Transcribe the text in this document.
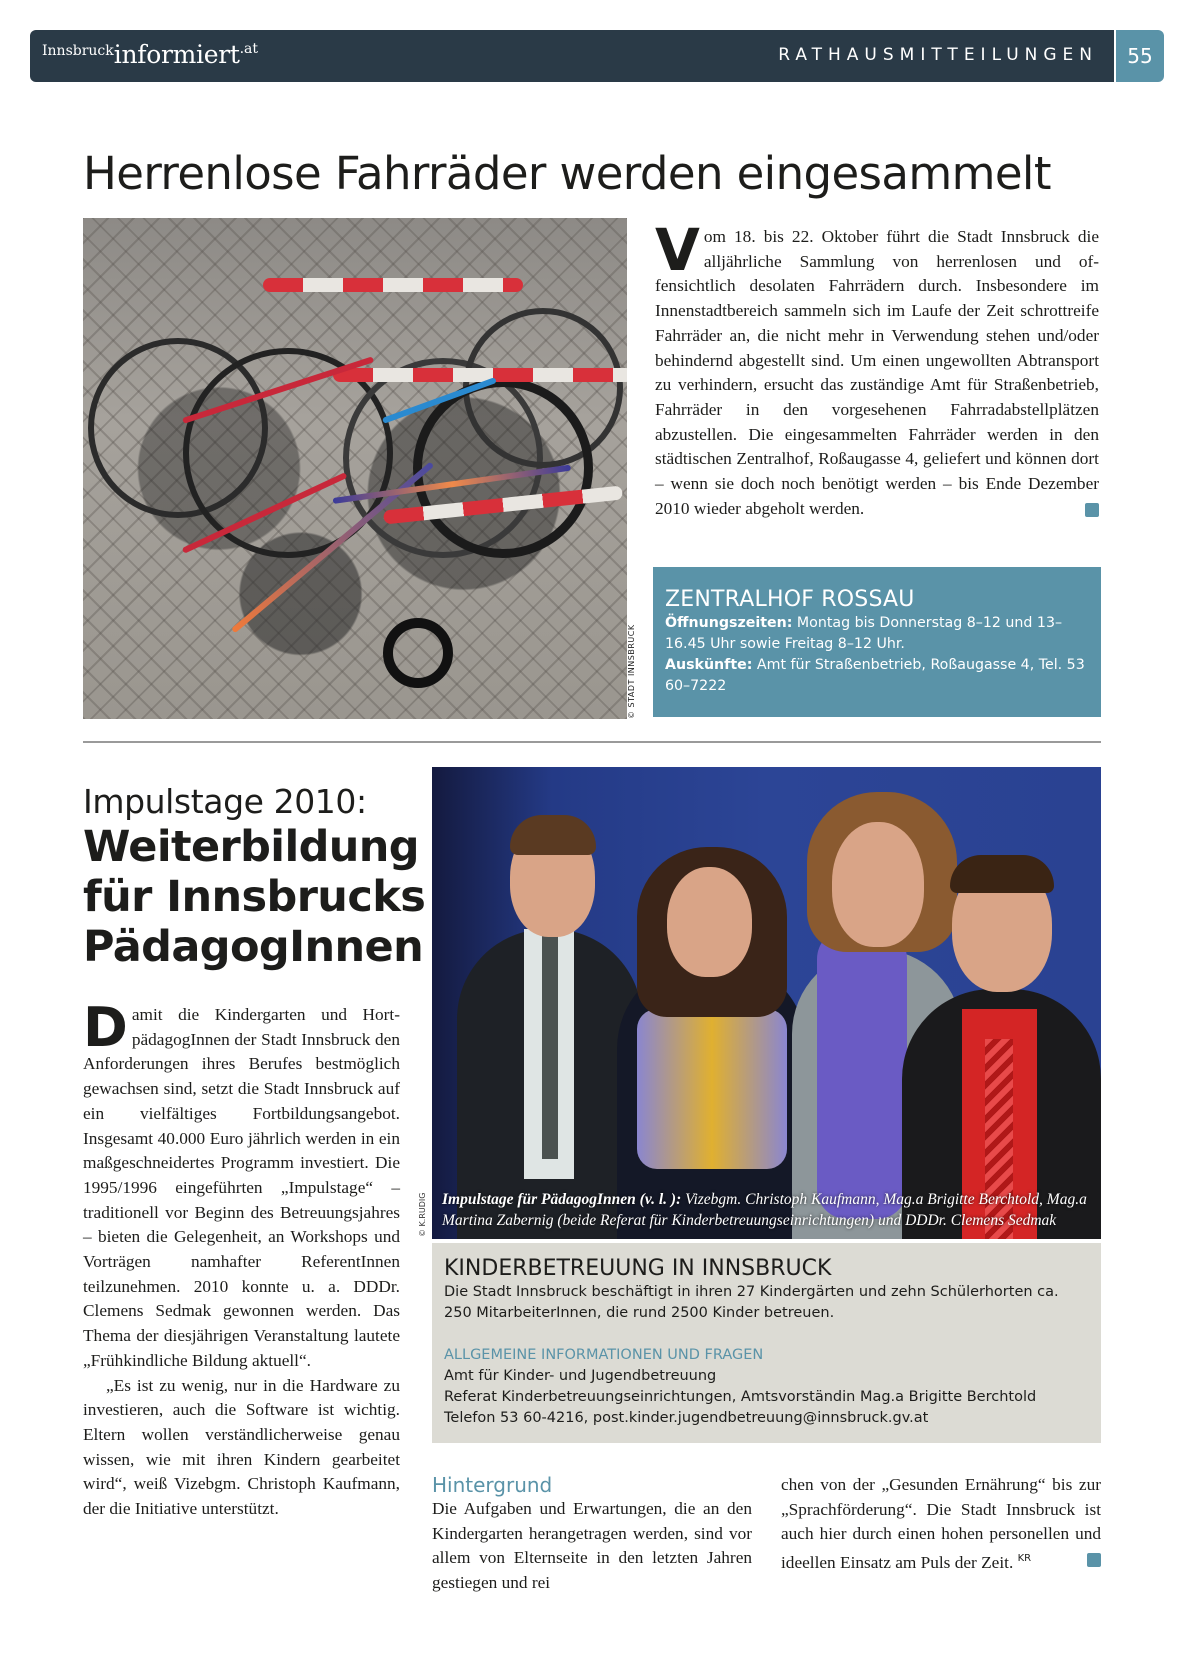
Innsbruckinformiert.at	RATHAUSMITTEILUNGEN	55
Herrenlose Fahrräder werden eingesammelt
© STADT INNSBRUCK
Vom 18. bis 22. Oktober führt die Stadt Innsbruck die alljährliche Sammlung von herrenlosen und offensichtlich desolaten Fahrrädern durch. Insbesondere im Innenstadtbereich sammeln sich im Laufe der Zeit schrottreife Fahrräder an, die nicht mehr in Verwendung stehen und/oder behindernd abgestellt sind. Um einen ungewollten Abtransport zu verhindern, ersucht das zuständige Amt für Straßenbetrieb, Fahrräder in den vorgesehenen Fahrradabstellplätzen abzustellen. Die eingesammelten Fahrräder werden in den städtischen Zentralhof, Roßaugasse 4, geliefert und können dort – wenn sie doch noch benötigt werden – bis Ende Dezember 2010 wieder abgeholt werden.
ZENTRALHOF ROSSAU
Öffnungszeiten: Montag bis Donnerstag 8–12 und 13–16.45 Uhr sowie Freitag 8–12 Uhr.
Auskünfte: Amt für Straßenbetrieb, Roßaugasse 4, Tel. 53 60–7222
Impulstage 2010:
Weiterbildung
für Innsbrucks
PädagogInnen

Damit die Kindergarten und HortpädagogInnen der Stadt Innsbruck den Anforderungen ihres Berufes bestmöglich gewachsen sind, setzt die Stadt Innsbruck auf ein vielfältiges Fortbildungsangebot. Insgesamt 40.000 Euro jährlich werden in ein maßgeschneidertes Programm investiert. Die 1995/1996 eingeführten „Impulstage“ – traditionell vor Beginn des Betreuungsjahres – bieten die Gelegenheit, an Workshops und Vorträgen namhafter ReferentInnen teilzunehmen. 2010 konnte u. a. DDDr. Clemens Sedmak gewonnen werden. Das Thema der diesjährigen Veranstaltung lautete „Frühkindliche Bildung aktuell“.

„Es ist zu wenig, nur in die Hardware zu investieren, auch die Software ist wichtig. Eltern wollen verständlicherweise genau wissen, wie mit ihren Kindern gearbeitet wird“, weiß Vizebgm. Christoph Kaufmann, der die Initiative unterstützt.

Impulstage für PädagogInnen (v. l. ): Vizebgm. Christoph Kaufmann, Mag.a Brigitte Berchtold, Mag.a Martina Zabernig (beide Referat für Kinderbetreuungseinrichtungen) und DDDr. Clemens Sedmak
© K.RUDIG
KINDERBETREUUNG IN INNSBRUCK
Die Stadt Innsbruck beschäftigt in ihren 27 Kindergärten und zehn Schülerhorten ca. 250 MitarbeiterInnen, die rund 2500 Kinder betreuen.
ALLGEMEINE INFORMATIONEN UND FRAGEN
Amt für Kinder- und Jugendbetreuung
Referat Kinderbetreuungseinrichtungen, Amtsvorständin Mag.a Brigitte Berchtold
Telefon 53 60-4216, post.kinder.jugendbetreuung@innsbruck.gv.at
Hintergrund
Die Aufgaben und Erwartungen, die an den Kindergarten herangetragen werden, sind vor allem von Elternseite in den letzten Jahren gestiegen und rei
chen von der „Gesunden Ernährung“ bis zur „Sprachförderung“. Die Stadt Innsbruck ist auch hier durch einen hohen personellen und ideellen Einsatz am Puls der Zeit. $^{KR}$
